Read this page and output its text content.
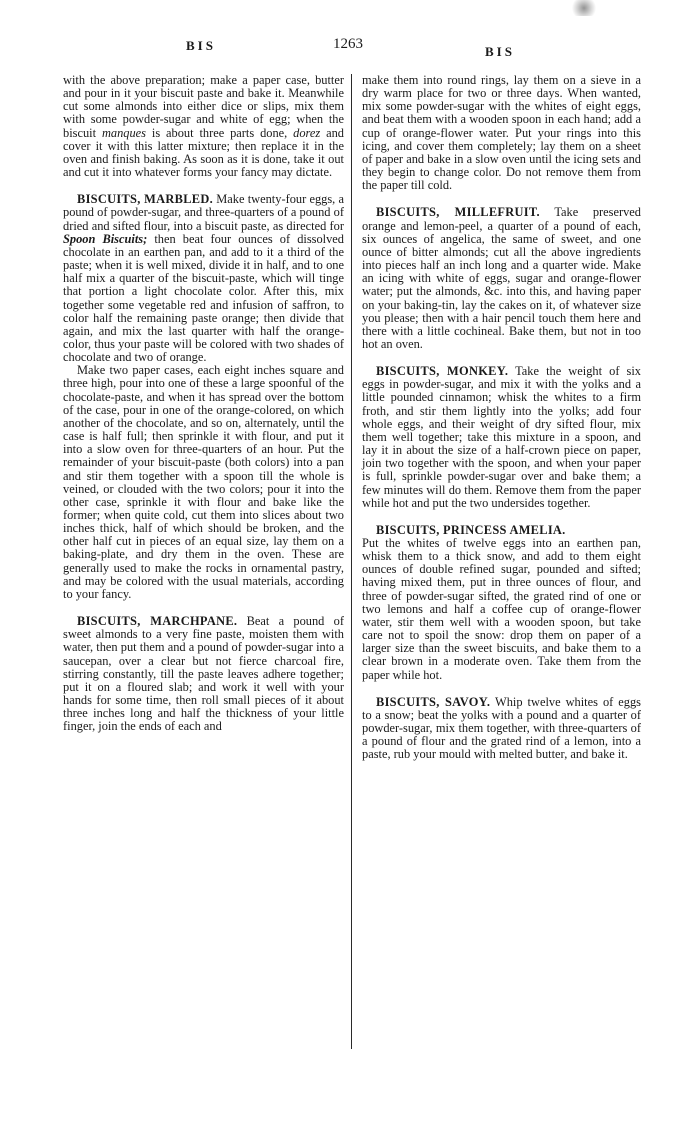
BIS	1263	BIS

with the above preparation; make a paper case, butter and pour in it your biscuit paste and bake it. Meanwhile cut some almonds into either dice or slips, mix them with some powder-sugar and white of egg; when the biscuit manques is about three parts done, dorez and cover it with this latter mixture; then replace it in the oven and finish baking. As soon as it is done, take it out and cut it into whatever forms your fancy may dictate.

BISCUITS, MARBLED. Make twenty-four eggs, a pound of powder-sugar, and three-quarters of a pound of dried and sifted flour, into a biscuit paste, as directed for Spoon Biscuits; then beat four ounces of dissolved chocolate in an earthen pan, and add to it a third of the paste; when it is well mixed, divide it in half, and to one half mix a quarter of the biscuit-paste, which will tinge that portion a light chocolate color. After this, mix together some vegetable red and infusion of saffron, to color half the remaining paste orange; then divide that again, and mix the last quarter with half the orange-color, thus your paste will be colored with two shades of chocolate and two of orange.

Make two paper cases, each eight inches square and three high, pour into one of these a large spoonful of the chocolate-paste, and when it has spread over the bottom of the case, pour in one of the orange-colored, on which another of the chocolate, and so on, alternately, until the case is half full; then sprinkle it with flour, and put it into a slow oven for three-quarters of an hour. Put the remainder of your biscuit-paste (both colors) into a pan and stir them together with a spoon till the whole is veined, or clouded with the two colors; pour it into the other case, sprinkle it with flour and bake like the former; when quite cold, cut them into slices about two inches thick, half of which should be broken, and the other half cut in pieces of an equal size, lay them on a baking-plate, and dry them in the oven. These are generally used to make the rocks in ornamental pastry, and may be colored with the usual materials, according to your fancy.

BISCUITS, MARCHPANE. Beat a pound of sweet almonds to a very fine paste, moisten them with water, then put them and a pound of powder-sugar into a saucepan, over a clear but not fierce charcoal fire, stirring constantly, till the paste leaves adhere together; put it on a floured slab; and work it well with your hands for some time, then roll small pieces of it about three inches long and half the thickness of your little finger, join the ends of each and

make them into round rings, lay them on a sieve in a dry warm place for two or three days. When wanted, mix some powder-sugar with the whites of eight eggs, and beat them with a wooden spoon in each hand; add a cup of orange-flower water. Put your rings into this icing, and cover them completely; lay them on a sheet of paper and bake in a slow oven until the icing sets and they begin to change color. Do not remove them from the paper till cold.

BISCUITS, MILLEFRUIT. Take preserved orange and lemon-peel, a quarter of a pound of each, six ounces of angelica, the same of sweet, and one ounce of bitter almonds; cut all the above ingredients into pieces half an inch long and a quarter wide. Make an icing with white of eggs, sugar and orange-flower water; put the almonds, &c. into this, and having paper on your baking-tin, lay the cakes on it, of whatever size you please; then with a hair pencil touch them here and there with a little cochineal. Bake them, but not in too hot an oven.

BISCUITS, MONKEY. Take the weight of six eggs in powder-sugar, and mix it with the yolks and a little pounded cinnamon; whisk the whites to a firm froth, and stir them lightly into the yolks; add four whole eggs, and their weight of dry sifted flour, mix them well together; take this mixture in a spoon, and lay it in about the size of a half-crown piece on paper, join two together with the spoon, and when your paper is full, sprinkle powder-sugar over and bake them; a few minutes will do them. Remove them from the paper while hot and put the two undersides together.

BISCUITS, PRINCESS AMELIA.

Put the whites of twelve eggs into an earthen pan, whisk them to a thick snow, and add to them eight ounces of double refined sugar, pounded and sifted; having mixed them, put in three ounces of flour, and three of powder-sugar sifted, the grated rind of one or two lemons and half a coffee cup of orange-flower water, stir them well with a wooden spoon, but take care not to spoil the snow: drop them on paper of a larger size than the sweet biscuits, and bake them to a clear brown in a moderate oven. Take them from the paper while hot.

BISCUITS, SAVOY. Whip twelve whites of eggs to a snow; beat the yolks with a pound and a quarter of powder-sugar, mix them together, with three-quarters of a pound of flour and the grated rind of a lemon, into a paste, rub your mould with melted butter, and bake it.
